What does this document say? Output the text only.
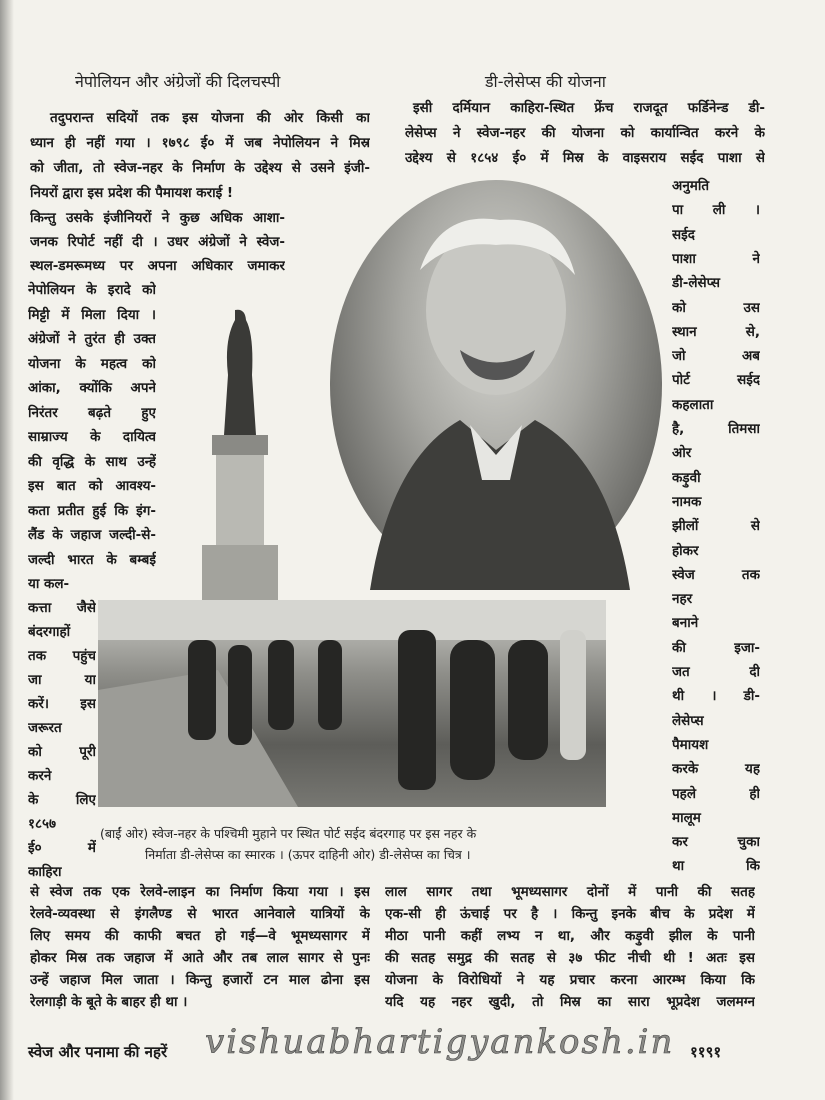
नेपोलियन और अंग्रेजों की दिलचस्पी	डी-लेसेप्स की योजना
तदुपरान्त सदियों तक इस योजना की ओर किसी का
ध्यान ही नहीं गया । १७९८ ई० में जब नेपोलियन ने मिस्र
को जीता, तो स्वेज-नहर के निर्माण के उद्देश्य से उसने इंजी-
नियरों द्वारा इस प्रदेश की पैमायश कराई !
किन्तु उसके इंजीनियरों ने कुछ अधिक आशा-
जनक रिपोर्ट नहीं दी । उधर अंग्रेजों ने स्वेज-
स्थल-डमरूमध्य पर अपना अधिकार जमाकर
नेपोलियन के इरादे को
मिट्टी में मिला दिया ।
अंग्रेजों ने तुरंत ही उक्त
योजना के महत्व को
आंका, क्योंकि अपने
निरंतर बढ़ते हुए
साम्राज्य के दायित्व
की वृद्धि के साथ उन्हें
इस बात को आवश्य-
कता प्रतीत हुई कि इंग-
लैंड के जहाज जल्दी-से-
जल्दी भारत के बम्बई
या कल-
कत्ता जैसे
बंदरगाहों
तक पहुंच
जा या
करें। इस
जरूरत
को पूरी
करने
के लिए
१८५७
ई० में
काहिरा
से स्वेज तक एक रेलवे-लाइन का निर्माण किया गया । इस
रेलवे-व्यवस्था से इंगलैण्ड से भारत आनेवाले यात्रियों के
लिए समय की काफी बचत हो गई—वे भूमध्यसागर में
होकर मिस्र तक जहाज में आते और तब लाल सागर से पुनः
उन्हें जहाज मिल जाता । किन्तु हजारों टन माल ढोना इस
रेलगाड़ी के बूते के बाहर ही था ।
इसी दर्मियान काहिरा-स्थित फ्रेंच राजदूत फर्डिनेन्ड डी-
लेसेप्स ने स्वेज-नहर की योजना को कार्यान्वित करने के
उद्देश्य से १८५४ ई० में मिस्र के वाइसराय सईद पाशा से
अनुमति
पा ली ।
सईद
पाशा ने
डी-लेसेप्स
को उस
स्थान से,
जो अब
पोर्ट सईद
कहलाता
है, तिमसा
ओर
कड़ुवी
नामक
झीलों से
होकर
स्वेज तक
नहर
बनाने
की इजा-
जत दी
थी । डी-
लेसेप्स
पैमायश
करके यह
पहले ही
मालूम
कर चुका
था कि
लाल सागर तथा भूमध्यसागर दोनों में पानी की सतह
एक-सी ही ऊंचाई पर है । किन्तु इनके बीच के प्रदेश में
मीठा पानी कहीं लभ्य न था, और कड़ुवी झील के पानी
की सतह समुद्र की सतह से ३७ फीट नीची थी ! अतः इस
योजना के विरोधियों ने यह प्रचार करना आरम्भ किया कि
यदि यह नहर खुदी, तो मिस्र का सारा भूप्रदेश जलमग्न
(बाईं ओर) स्वेज-नहर के पश्चिमी मुहाने पर स्थित पोर्ट सईद बंदरगाह पर इस नहर के
निर्माता डी-लेसेप्स का स्मारक । (ऊपर दाहिनी ओर) डी-लेसेप्स का चित्र ।
स्वेज और पनामा की नहरें vishuabhartigyankosh.in ११९१
